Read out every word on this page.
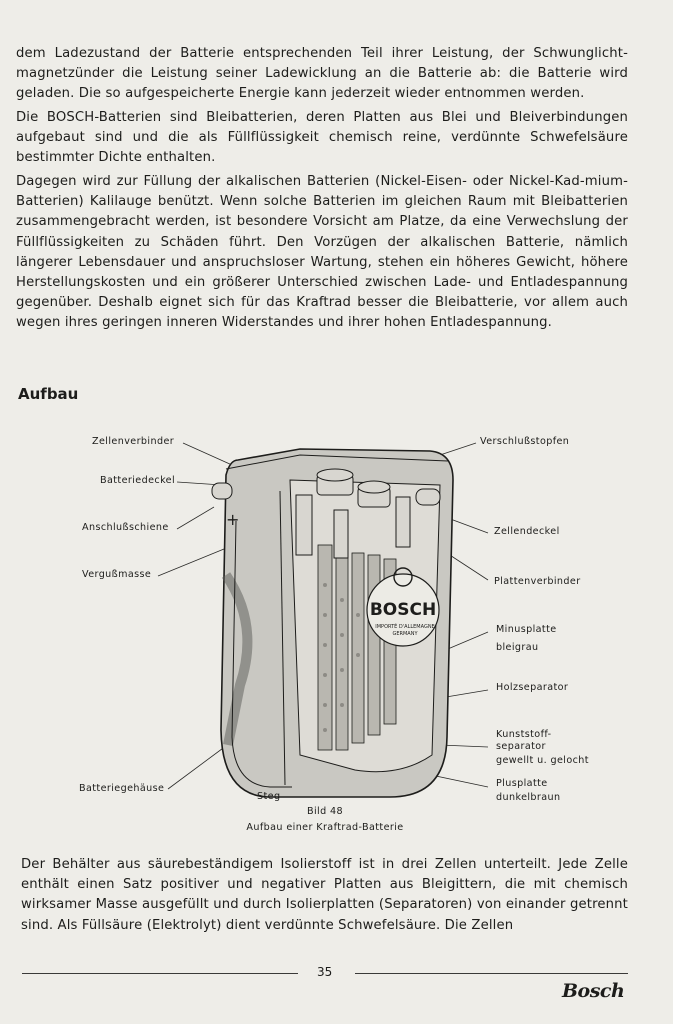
dem Ladezustand der Batterie entsprechenden Teil ihrer Leistung, der Schwunglicht-magnetzünder die Leistung seiner Ladewicklung an die Batterie ab: die Batterie wird geladen. Die so aufgespeicherte Energie kann jederzeit wieder entnommen werden.

Die BOSCH-Batterien sind Bleibatterien, deren Platten aus Blei und Bleiverbindungen aufgebaut sind und die als Füllflüssigkeit chemisch reine, verdünnte Schwefelsäure bestimmter Dichte enthalten.

Dagegen wird zur Füllung der alkalischen Batterien (Nickel-Eisen- oder Nickel-Kad-mium-Batterien) Kalilauge benützt. Wenn solche Batterien im gleichen Raum mit Bleibatterien zusammengebracht werden, ist besondere Vorsicht am Platze, da eine Verwechslung der Füllflüssigkeiten zu Schäden führt. Den Vorzügen der alkalischen Batterie, nämlich längerer Lebensdauer und anspruchsloser Wartung, stehen ein höheres Gewicht, höhere Herstellungskosten und ein größerer Unterschied zwischen Lade- und Entladespannung gegenüber. Deshalb eignet sich für das Kraftrad besser die Bleibatterie, vor allem auch wegen ihres geringen inneren Widerstandes und ihrer hohen Entladespannung.

Aufbau
+
BOSCH
IMPORTÉ D'ALLEMAGNE
GERMANY
Zellenverbinder
Batteriedeckel
Anschlußschiene
Vergußmasse
Batteriegehäuse
Steg
Verschlußstopfen
Zellendeckel
Plattenverbinder
Minusplatte
bleigrau
Holzseparator
Kunststoff-
separator
gewellt u. gelocht
Plusplatte
dunkelbraun
Bild 48
Aufbau einer Kraftrad-Batterie

Der Behälter aus säurebeständigem Isolierstoff ist in drei Zellen unterteilt. Jede Zelle enthält einen Satz positiver und negativer Platten aus Bleigittern, die mit chemisch wirksamer Masse ausgefüllt und durch Isolierplatten (Separatoren) von einander getrennt sind. Als Füllsäure (Elektrolyt) dient verdünnte Schwefelsäure. Die Zellen

35
Bosch
